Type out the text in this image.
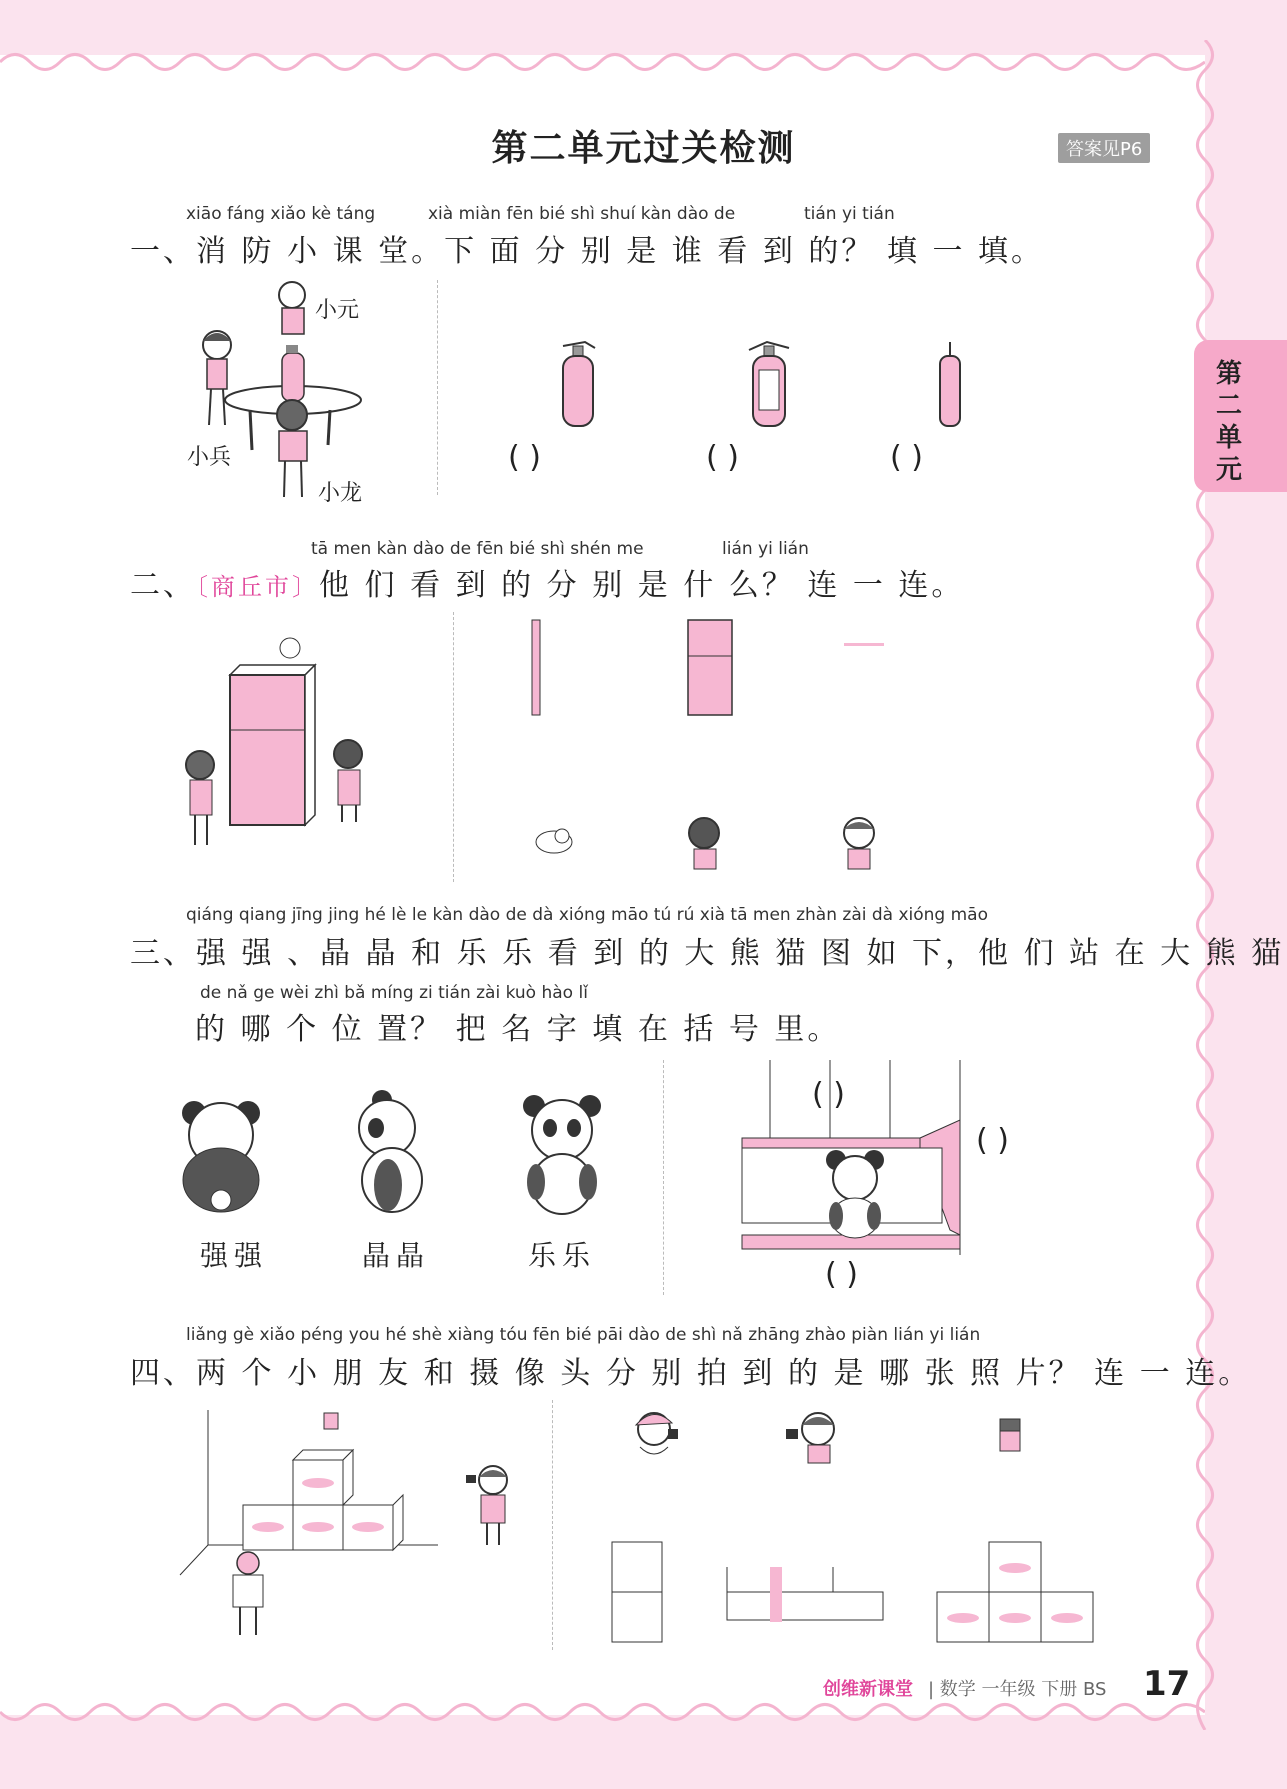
第二单元过关检测	答案见P6
第二单元
xiāo fáng xiǎo kè táng	xià miàn fēn bié shì shuí kàn dào de	tián yi tián
一、消 防 小 课 堂。下 面 分 别 是 谁 看 到 的？ 填 一 填。
小元
小兵
小龙
( )	( )	( )
tā men kàn dào de fēn bié shì shén me	lián yi lián
二、〔商丘市〕他 们 看 到 的 分 别 是 什 么？ 连 一 连。
qiáng qiang jīng jing hé lè le kàn dào de dà xióng māo tú rú xià tā men zhàn zài dà xióng māo
三、强 强 、晶 晶 和 乐 乐 看 到 的 大 熊 猫 图 如 下，他 们 站 在 大 熊 猫
de nǎ ge wèi zhì bǎ míng zi tián zài kuò hào lǐ
的 哪 个 位 置？ 把 名 字 填 在 括 号 里。
强强	晶晶	乐乐
( )
( )
( )
liǎng gè xiǎo péng you hé shè xiàng tóu fēn bié pāi dào de shì nǎ zhāng zhào piàn lián yi lián
四、两 个 小 朋 友 和 摄 像 头 分 别 拍 到 的 是 哪 张 照 片？ 连 一 连。
创维新课堂 | 数学 一年级 下册 BS 17
